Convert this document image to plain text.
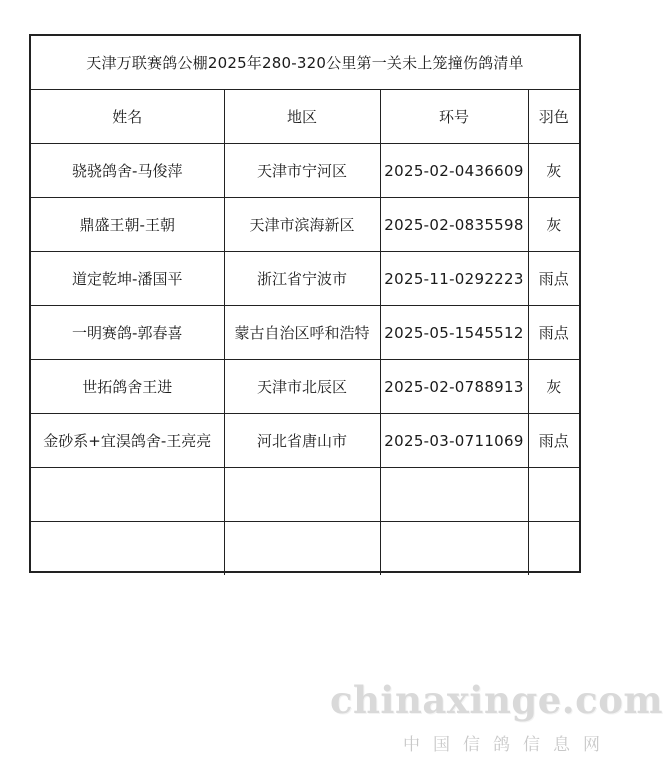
天津万联赛鸽公棚2025年280-320公里第一关未上笼撞伤鸽清单			
姓名	地区	环号	羽色
骁骁鸽舍-马俊萍	天津市宁河区	2025-02-0436609	灰
鼎盛王朝-王朝	天津市滨海新区	2025-02-0835598	灰
道定乾坤-潘国平	浙江省宁波市	2025-11-0292223	雨点
一明赛鸽-郭春喜	蒙古自治区呼和浩特	2025-05-1545512	雨点
世拓鸽舍王进	天津市北辰区	2025-02-0788913	灰
金砂系+宜淏鸽舍-王亮亮	河北省唐山市	2025-03-0711069	雨点

chinaxinge.com
中国信鸽信息网
